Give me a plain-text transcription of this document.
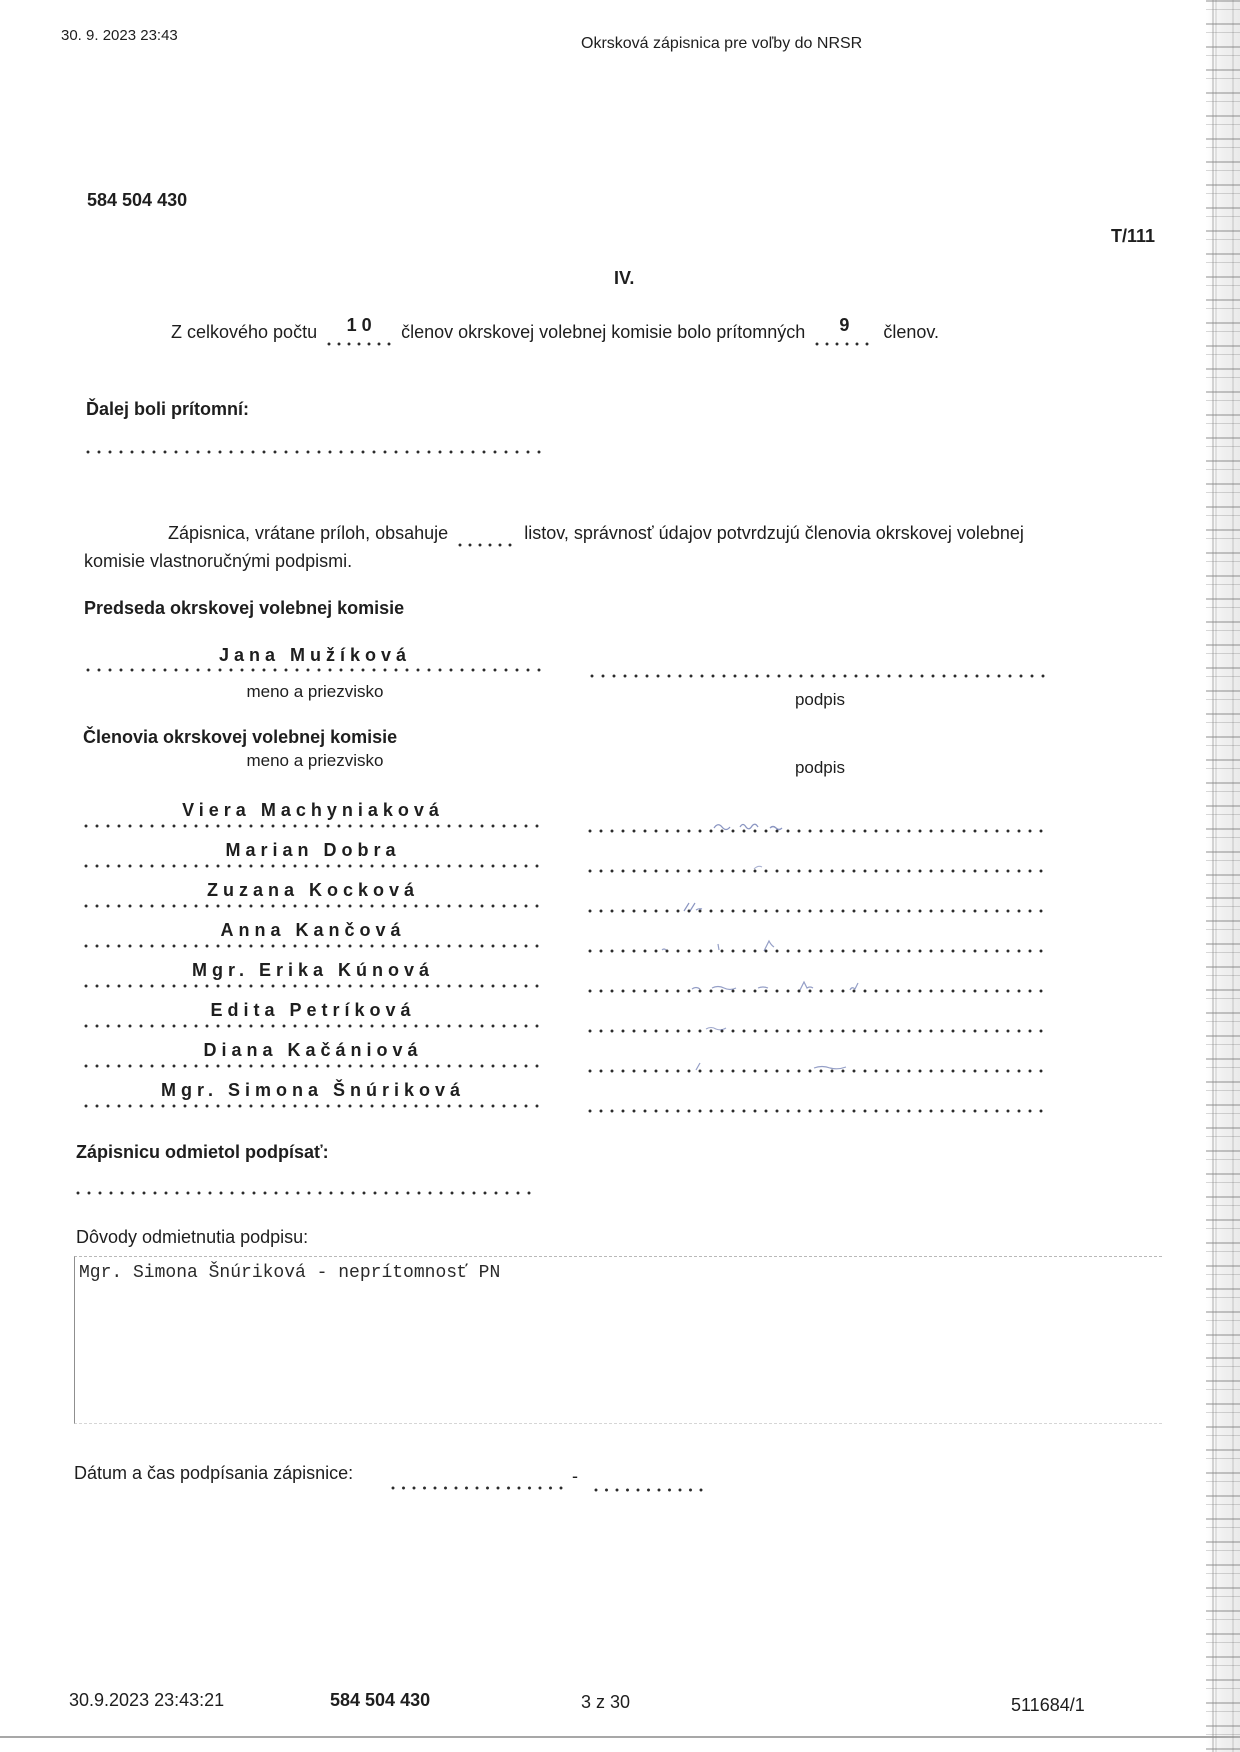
30. 9. 2023 23:43	Okrsková zápisnica pre voľby do NRSR
584 504 430
T/111
IV.
Z celkového počtu	10	členov okrskovej volebnej komisie bolo prítomných	9	členov.
Ďalej boli prítomní:
Zápisnica, vrátane príloh, obsahuje	listov, správnosť údajov potvrdzujú členovia okrskovej volebnej
komisie vlastnoručnými podpismi.
Predseda okrskovej volebnej komisie
Jana Mužíková
meno a priezvisko	podpis
Členovia okrskovej volebnej komisie
meno a priezvisko	podpis
Viera Machyniaková
Marian Dobra
Zuzana Kocková
Anna Kančová
Mgr. Erika Kúnová
Edita Petríková
Diana Kačániová
Mgr. Simona Šnúriková
Zápisnicu odmietol podpísať:
Dôvody odmietnutia podpisu:
Mgr. Simona Šnúriková - neprítomnosť PN
Dátum a čas podpísania zápisnice:	-
30.9.2023 23:43:21	584 504 430	3 z 30	511684/1
